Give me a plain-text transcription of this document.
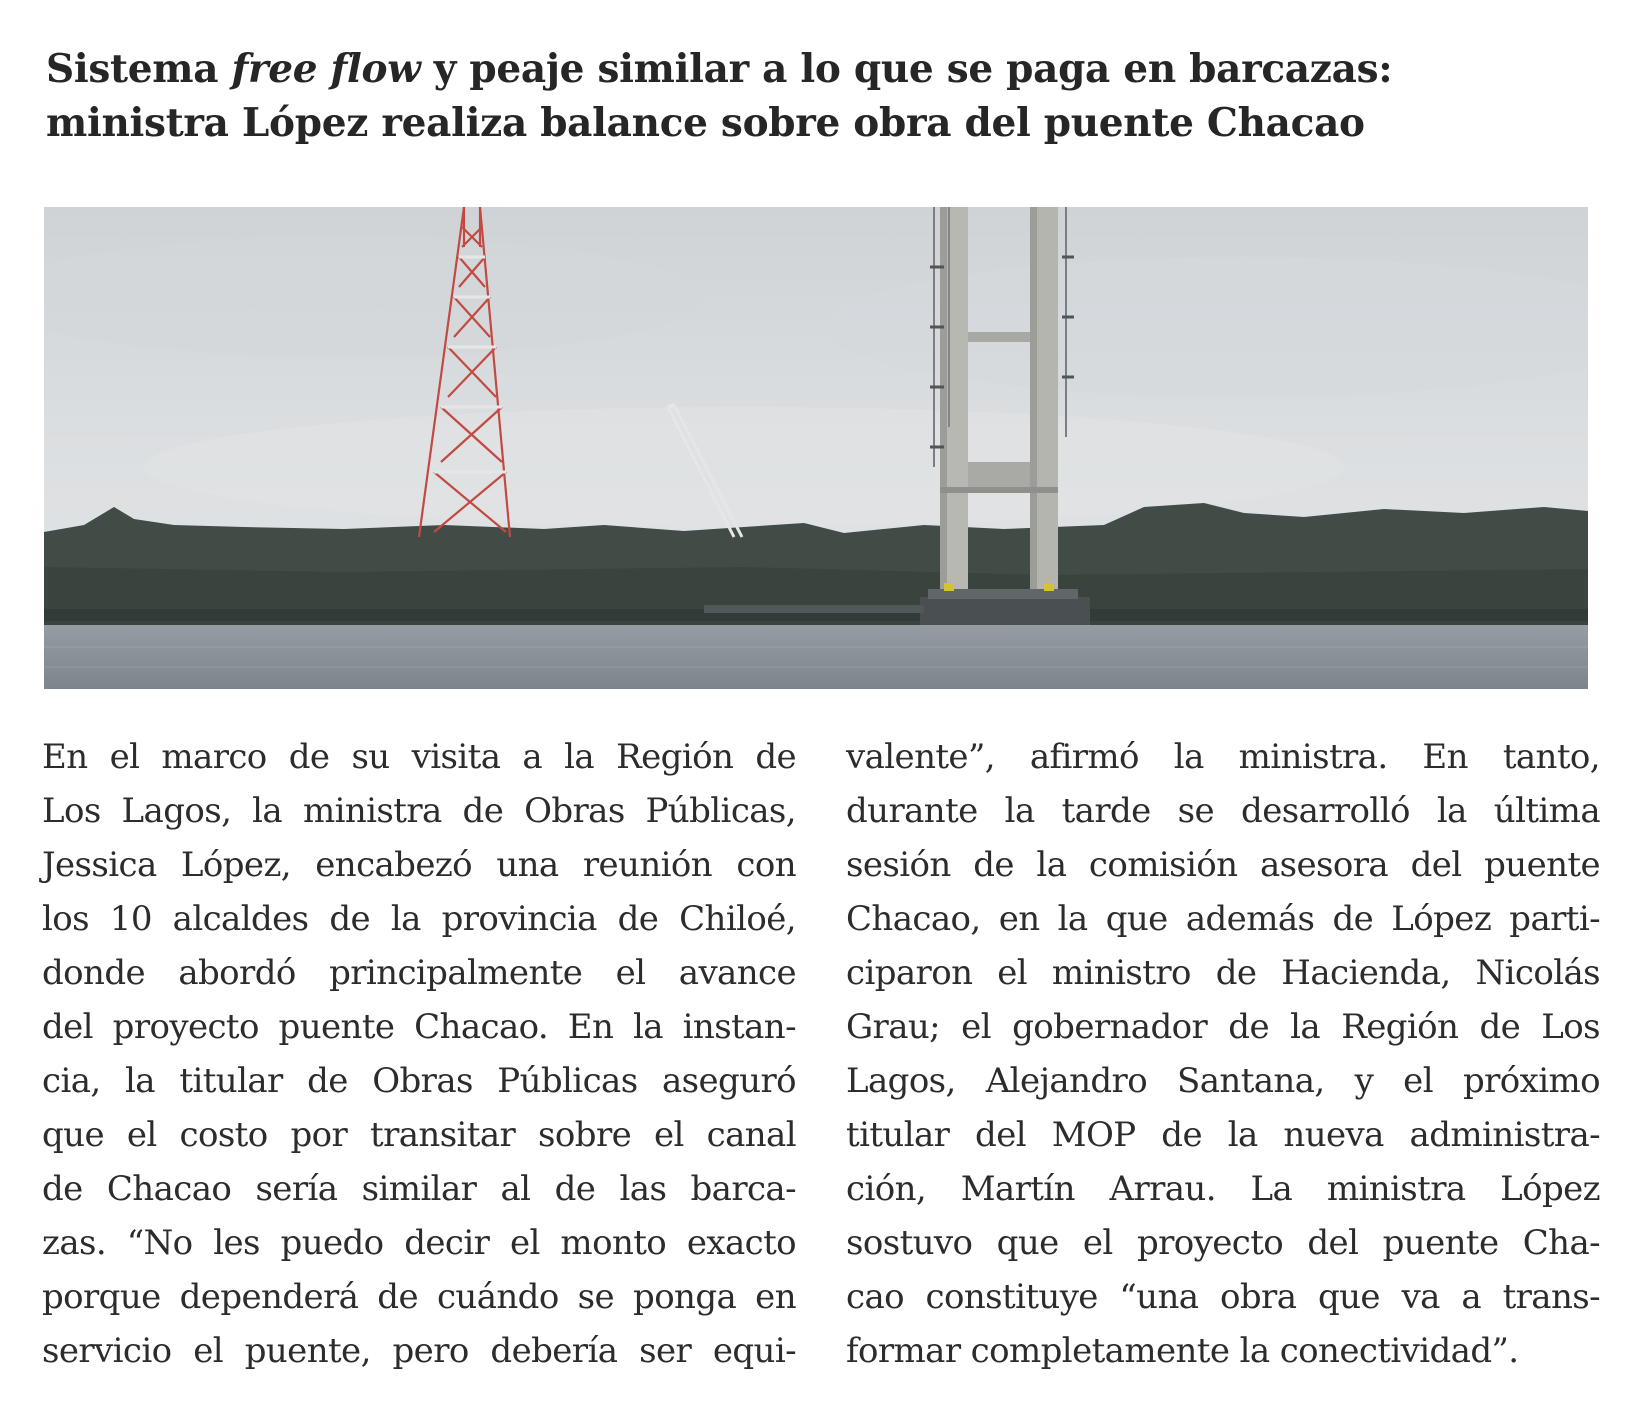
Sistema free flow y peaje similar a lo que se paga en barcazas:
ministra López realiza balance sobre obra del puente Chacao
En el marco de su visita a la Región de
Los Lagos, la ministra de Obras Públicas,
Jessica López, encabezó una reunión con
los 10 alcaldes de la provincia de Chiloé,
donde abordó principalmente el avance
del proyecto puente Chacao. En la instan-
cia, la titular de Obras Públicas aseguró
que el costo por transitar sobre el canal
de Chacao sería similar al de las barca-
zas. “No les puedo decir el monto exacto
porque dependerá de cuándo se ponga en
servicio el puente, pero debería ser equi-
valente”, afirmó la ministra. En tanto,
durante la tarde se desarrolló la última
sesión de la comisión asesora del puente
Chacao, en la que además de López parti-
ciparon el ministro de Hacienda, Nicolás
Grau; el gobernador de la Región de Los
Lagos, Alejandro Santana, y el próximo
titular del MOP de la nueva administra-
ción, Martín Arrau. La ministra López
sostuvo que el proyecto del puente Cha-
cao constituye “una obra que va a trans-
formar completamente la conectividad”.
